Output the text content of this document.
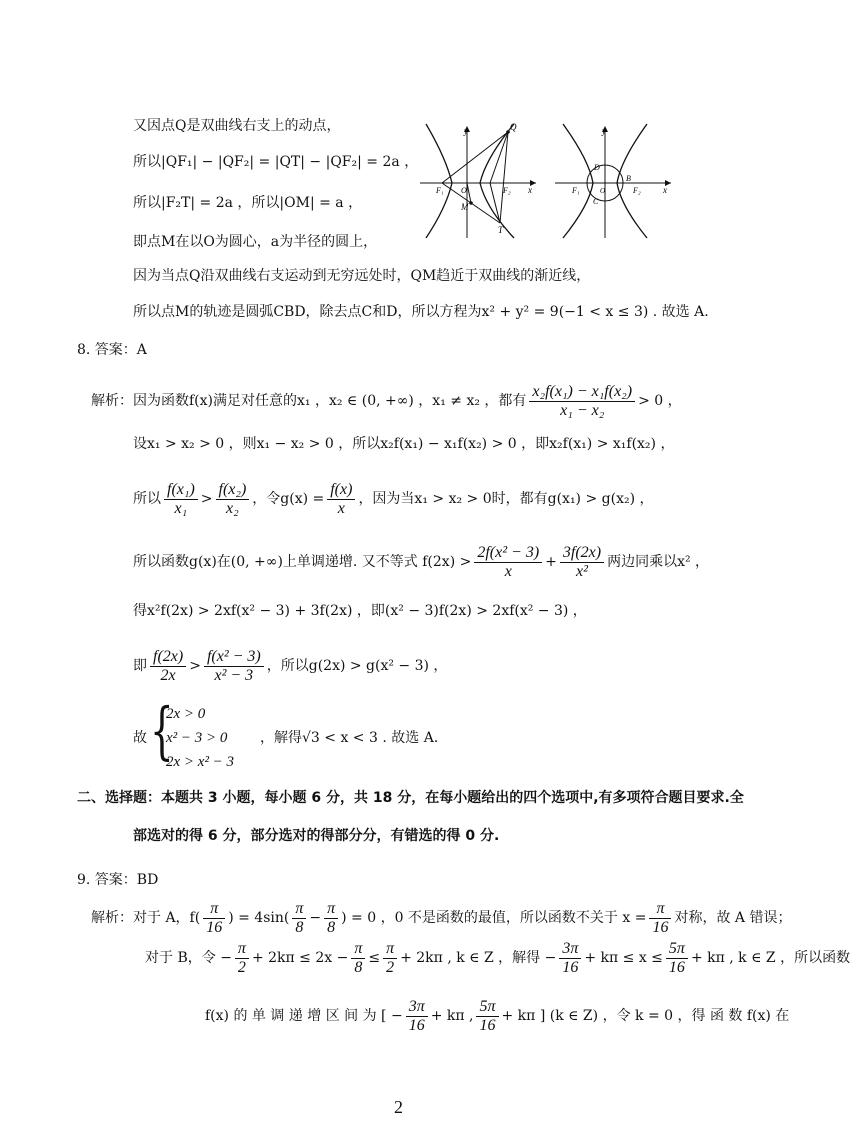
又因点Q是双曲线右支上的动点，
所以|QF₁| − |QF₂| = |QT| − |QF₂| = 2a ，
所以|F₂T| = 2a ，所以|OM| = a ，
即点M在以O为圆心，a为半径的圆上，
因为当点Q沿双曲线右支运动到无穷远处时，QM趋近于双曲线的渐近线，
所以点M的轨迹是圆弧CBD，除去点C和D，所以方程为x² + y² = 9(−1 < x ≤ 3) . 故选 A.
y
x
Q
F₁ O	F₂
M
T
y
x
D
B
C
O
F₁	F₂
8. 答案：A
解析：因为函数f(x)满足对任意的x₁ ，x₂ ∈ (0, +∞) ，x₁ ≠ x₂ ，都有 $\frac{\text{x₂f(x₁) − x₁f(x₂)}}{\text{x₁ − x₂}} > 0$ ，
设x₁ > x₂ > 0 ，则x₁ − x₂ > 0 ，所以x₂f(x₁) − x₁f(x₂) > 0 ，即x₂f(x₁) > x₁f(x₂) ，
所以 $\frac{\text{f(x₁)}}{\text{x₁}} > \frac{\text{f(x₂)}}{\text{x₂}}$ ，令$g(x) = \frac{f(x)}{x}$ ，因为当x₁ > x₂ > 0时，都有g(x₁) > g(x₂) ，
所以函数g(x)在(0, +∞)上单调递增. 又不等式 $f(2x) > \frac{\text{2f(x² − 3)}}{x} + \frac{3f(2x)}{\text{x²}}$ 两边同乘以x² ，
得x²f(2x) > 2xf(x² − 3) + 3f(2x) ，即(x² − 3)f(2x) > 2xf(x² − 3) ，
即 $\frac{f(2x)}{2x} > \frac{\text{f(x² − 3)}}{\text{x² − 3}}$ ，所以g(2x) > g(x² − 3) ，
故 {
2x > 0
x² − 3 > 0
2x > x² − 3
，解得√3 < x < 3 . 故选 A.
二、选择题：本题共 3 小题，每小题 6 分，共 18 分，在每小题给出的四个选项中,有多项符合题目要求.全
部选对的得 6 分，部分选对的得部分分，有错选的得 0 分.
9. 答案：BD
解析：对于 A，$f( \frac{\pi}{16}$ ) = $4\sin( \frac{\pi}{8} - \frac{\pi}{8}$ ) = 0 ，0 不是函数的最值，所以函数不关于 $x = \frac{\pi}{16}$ 对称，故 A 错误；
对于 B，令 − $\frac{\pi}{2} + 2k\pi \le 2x - \frac{\pi}{8} \le \frac{\pi}{2} + 2k\pi$ , k ∈ Z ，解得 − $\frac{3\pi}{16} + k\pi \le x \le \frac{5\pi}{16} + k\pi$ , k ∈ Z ，所以函数
f(x) 的 单 调 递 增 区 间 为 [ − $\frac{3\pi}{16} + k\pi$ , $\frac{5\pi}{16} + k\pi$ ] (k ∈ Z) ，令 k = 0 ，得 函 数 f(x) 在
2
